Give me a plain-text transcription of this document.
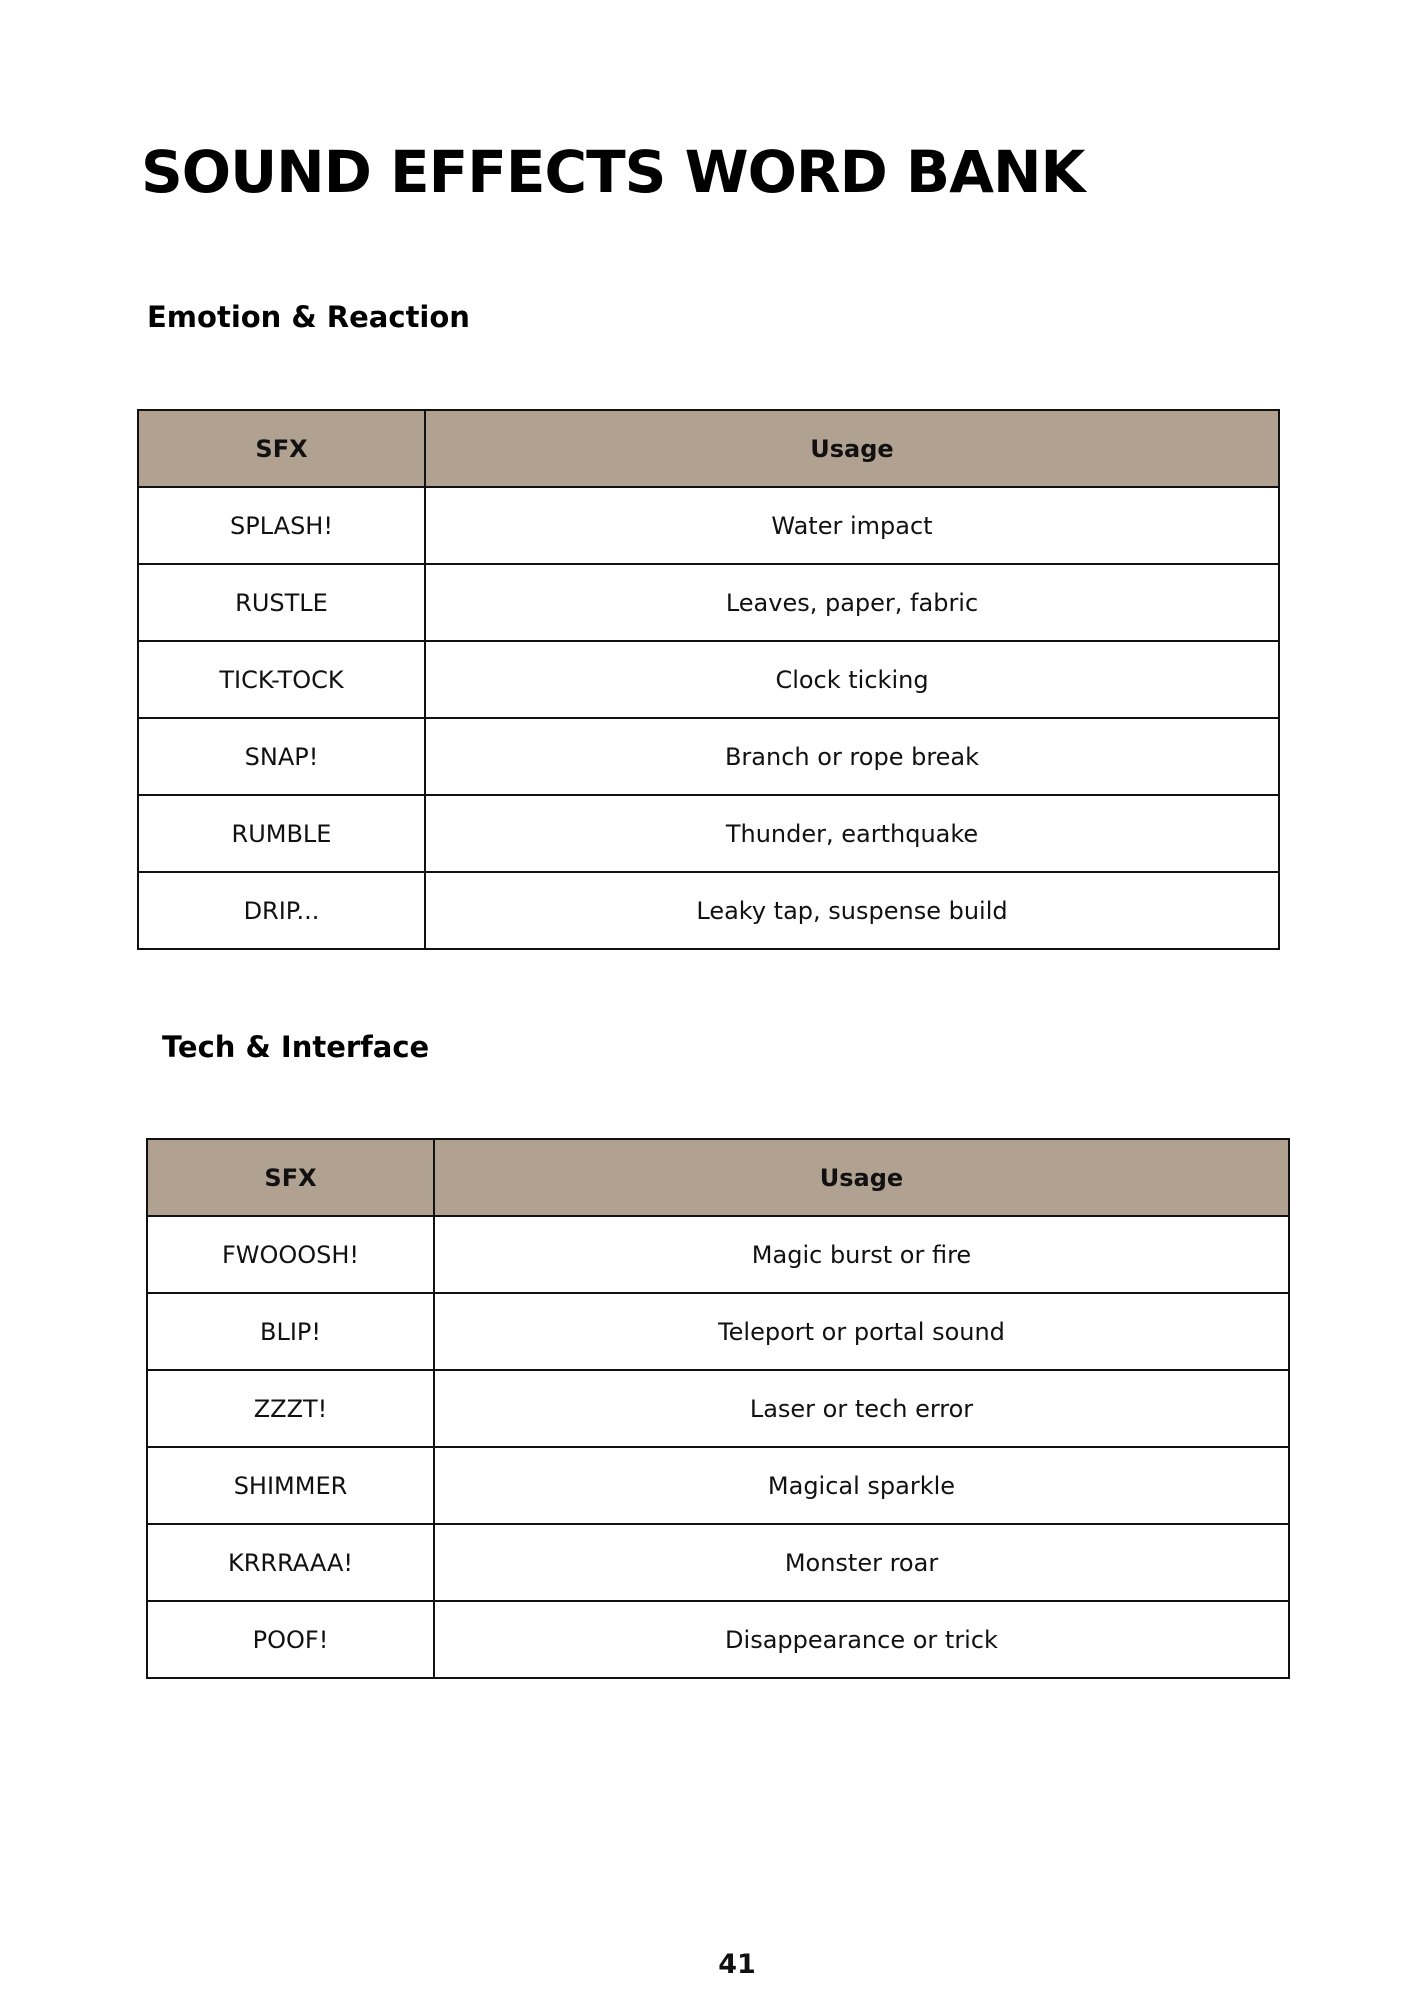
SOUND EFFECTS WORD BANK
Emotion & Reaction
SFX	Usage
SPLASH!	Water impact
RUSTLE	Leaves, paper, fabric
TICK-TOCK	Clock ticking
SNAP!	Branch or rope break
RUMBLE	Thunder, earthquake
DRIP...	Leaky tap, suspense build
Tech & Interface
SFX	Usage
FWOOOSH!	Magic burst or fire
BLIP!	Teleport or portal sound
ZZZT!	Laser or tech error
SHIMMER	Magical sparkle
KRRRAAA!	Monster roar
POOF!	Disappearance or trick
41
